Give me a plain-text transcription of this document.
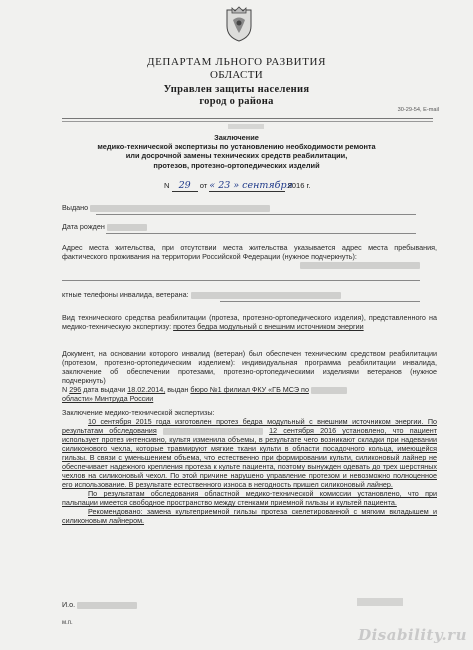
ДЕПАРТАМ ЛЬНОГО РАЗВИТИЯ
ОБЛАСТИ
Управлен защиты населения
город о района
30-29-54, E-mail
Заключение
медико-технической экспертизы по установлению необходимости ремонта
или досрочной замены технических средств реабилитации,
протезов, протезно-ортопедических изделий
N 29 от « 23 » сентября 2016 г.
Выдано
Дата рожден
Адрес места жительства, при отсутствии места жительства указывается адрес места пребывания, фактического проживания на территории Российской Федерации (нужное подчеркнуть):
ктные телефоны инвалида, ветерана:
Вид технического средства реабилитации (протеза, протезно-ортопедического изделия), представленного на медико-техническую экспертизу: протез бедра модульный с внешним источником энергии
Документ, на основании которого инвалид (ветеран) был обеспечен техническим средством реабилитации (протезом, протезно-ортопедическим изделием): индивидуальная программа реабилитации инвалида, заключение об обеспечении протезами, протезно-ортопедическими изделиями ветеранов (нужное подчеркнуть)
N 296 дата выдачи 18.02.2014, выдан бюро №1 филиал ФКУ «ГБ МСЭ по
области» Минтруда России
Заключение медико-технической экспертизы:
10 сентября 2015 года изготовлен протез бедра модульный с внешним источником энергии. По результатам обследования	12 сентября 2016 установлено, что пациент использует протез интенсивно, культя изменила объемы, в результате чего возникают складки при надевании силиконового чехла, которые травмируют мягкие ткани культи в области посадочного кольца, имеющейся гильзы. В связи с уменьшением объема, что естественно при формировании культи, силиконовый лайнер не обеспечивает надежного крепления протеза к культе пациента, поэтому вынужден одевать до трех шерстяных чехлов на силиконовый чехол. По этой причине нарушено управление протезом и невозможно полноценное его использование. В результате естественного износа в негодность пришел силиконовый лайнер.
По результатам обследования областной медико-технической комиссии установлено, что при пальпации имеется свободное пространство между стенками приемной гильзы и культей пациента.
Рекомендовано: замена культеприемной гильзы протеза скелетированной с мягким вкладышем и силиконовым лайнером.
И.о.
м.п.
Disability.ru
